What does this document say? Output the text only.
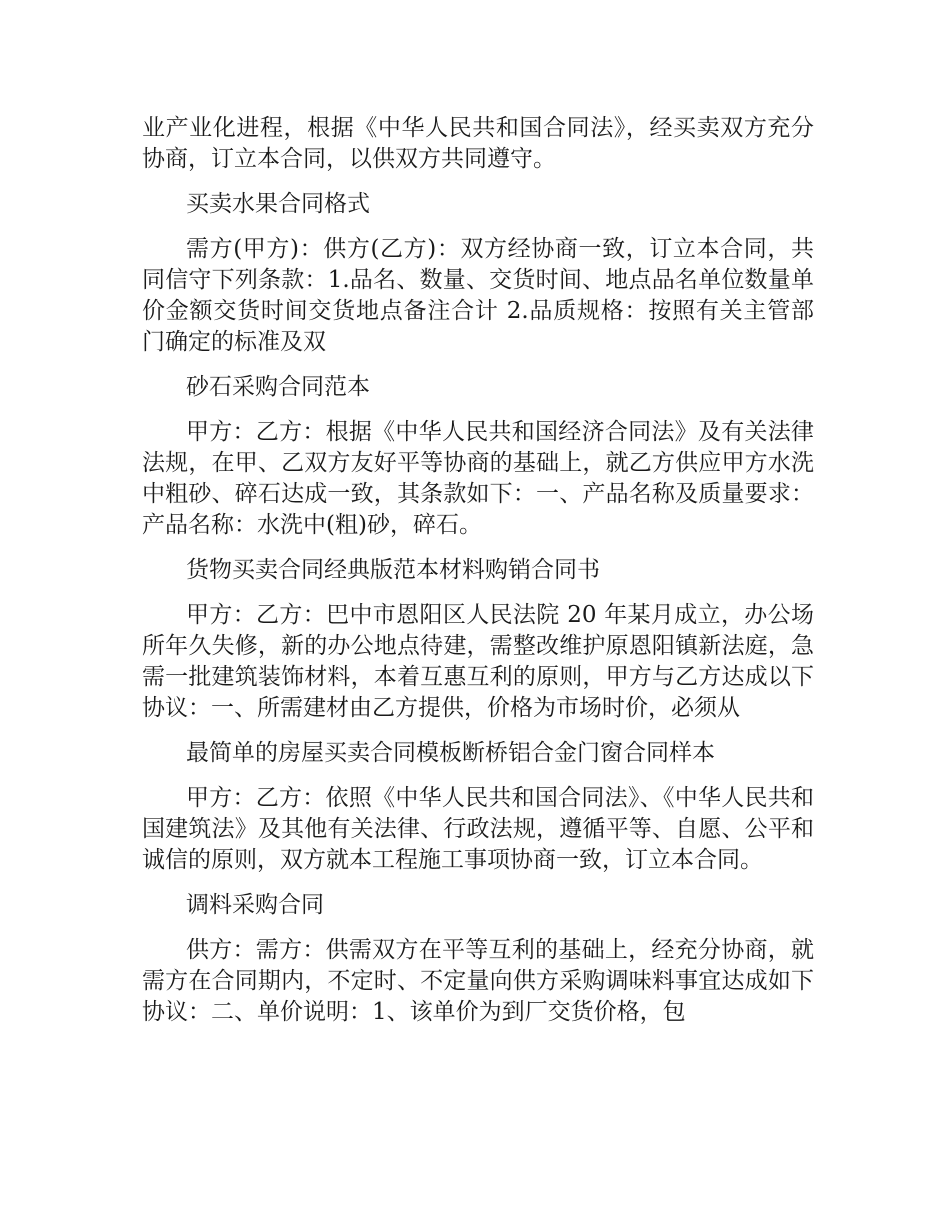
业产业化进程，根据《中华人民共和国合同法》，经买卖双方充分协商，订立本合同，以供双方共同遵守。

买卖水果合同格式

需方(甲方)：供方(乙方)：双方经协商一致，订立本合同，共同信守下列条款：1.品名、数量、交货时间、地点品名单位数量单价金额交货时间交货地点备注合计 2.品质规格：按照有关主管部门确定的标准及双

砂石采购合同范本

甲方：乙方：根据《中华人民共和国经济合同法》及有关法律法规，在甲、乙双方友好平等协商的基础上，就乙方供应甲方水洗中粗砂、碎石达成一致，其条款如下：一、产品名称及质量要求：产品名称：水洗中(粗)砂，碎石。

货物买卖合同经典版范本材料购销合同书

甲方：乙方：巴中市恩阳区人民法院 20 年某月成立，办公场所年久失修，新的办公地点待建，需整改维护原恩阳镇新法庭，急需一批建筑装饰材料，本着互惠互利的原则，甲方与乙方达成以下协议：一、所需建材由乙方提供，价格为市场时价，必须从

最简单的房屋买卖合同模板断桥铝合金门窗合同样本

甲方：乙方：依照《中华人民共和国合同法》、《中华人民共和国建筑法》及其他有关法律、行政法规，遵循平等、自愿、公平和诚信的原则，双方就本工程施工事项协商一致，订立本合同。

调料采购合同

供方：需方：供需双方在平等互利的基础上，经充分协商，就需方在合同期内，不定时、不定量向供方采购调味料事宜达成如下协议：二、单价说明：1、该单价为到厂交货价格，包
